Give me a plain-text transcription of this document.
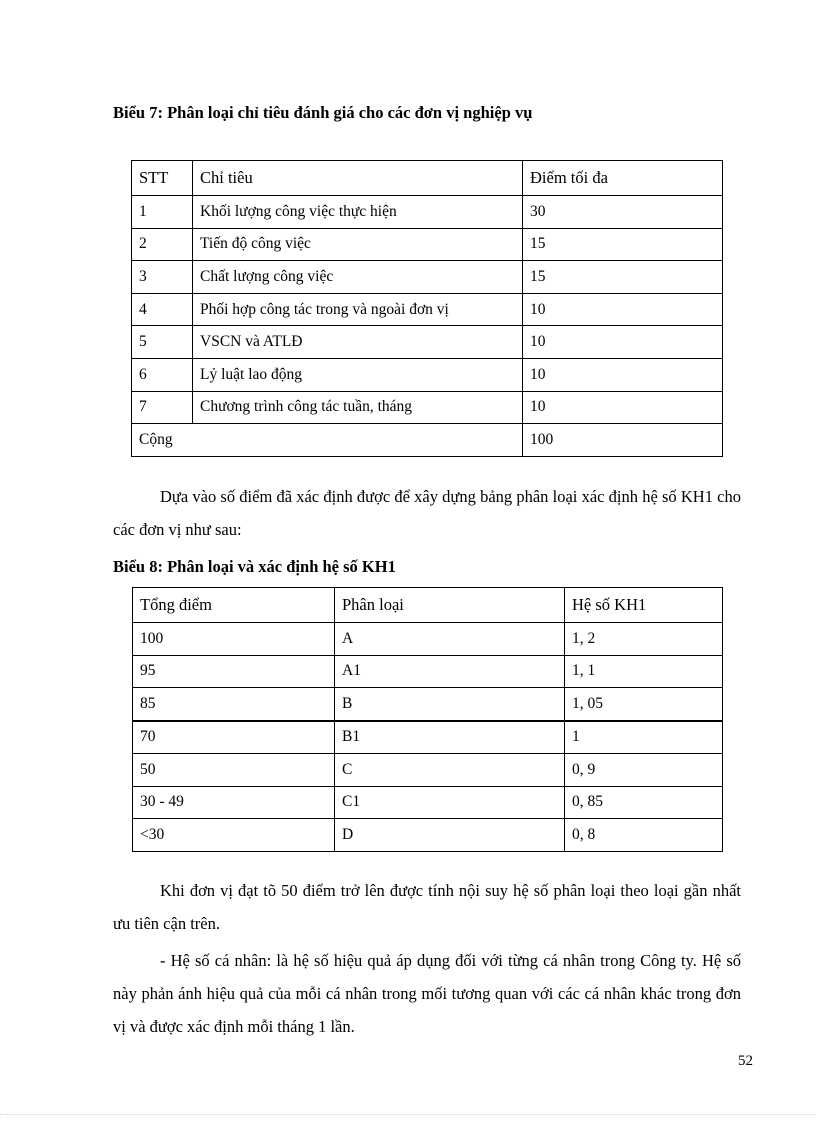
Biểu 7: Phân loại chỉ tiêu đánh giá cho các đơn vị nghiệp vụ
STT	Chỉ tiêu	Điểm tối đa
1	Khối lượng công việc thực hiện	30
2	Tiến độ công việc	15
3	Chất lượng công việc	15
4	Phối hợp công tác trong và ngoài đơn vị	10
5	VSCN và ATLĐ	10
6	Lỷ luật lao động	10
7	Chương trình công tác tuần, tháng	10
Cộng		100
Dựa vào số điểm đã xác định được để xây dựng bảng phân loại xác định hệ số KH1 cho các đơn vị như sau:
Biểu 8: Phân loại và xác định hệ số KH1
Tổng điểm	Phân loại	Hệ số KH1
100	A	1, 2
95	A1	1, 1
85	B	1, 05
70	B1	1
50	C	0, 9
30 - 49	C1	0, 85
<30	D	0, 8
Khi đơn vị đạt tõ 50 điểm trở lên được tính nội suy hệ số phân loại theo loại gần nhất ưu tiên cận trên.
- Hệ số cá nhân: là hệ số hiệu quả áp dụng đối với từng cá nhân trong Công ty. Hệ số này phản ánh hiệu quả của mỗi cá nhân trong mối tương quan với các cá nhân khác trong đơn vị và được xác định mỗi tháng 1 lần.
52
